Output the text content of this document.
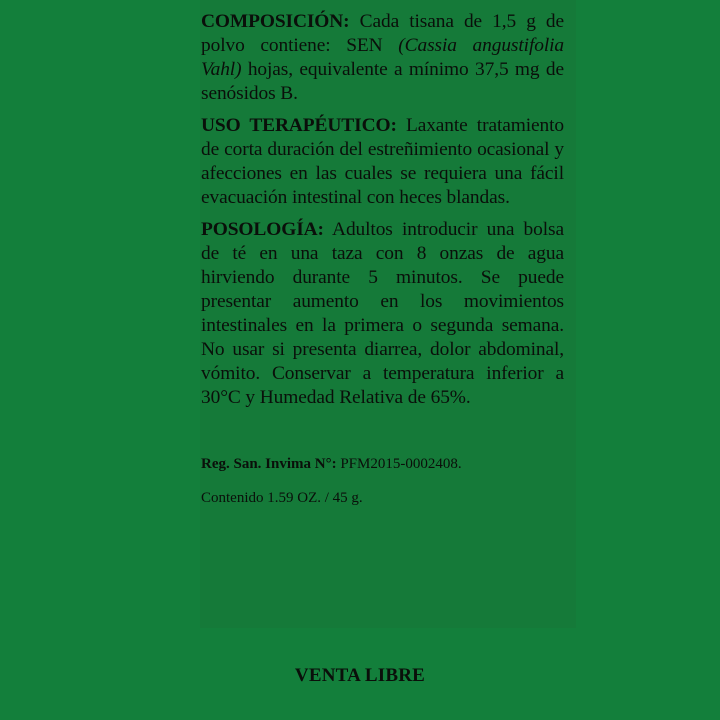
COMPOSICIÓN: Cada tisana de 1,5 g de polvo contiene: SEN (Cassia angustifolia Vahl) hojas, equivalente a mínimo 37,5 mg de senósidos B.

USO TERAPÉUTICO: Laxante tratamiento de corta duración del estreñimiento ocasional y afecciones en las cuales se requiera una fácil evacuación intestinal con heces blandas.

POSOLOGÍA: Adultos introducir una bolsa de té en una taza con 8 onzas de agua hirviendo durante 5 minutos. Se puede presentar aumento en los movimientos intestinales en la primera o segunda semana. No usar si presenta diarrea, dolor abdominal, vómito. Conservar a temperatura inferior a 30°C y Humedad Relativa de 65%.

Reg. San. Invima N°: PFM2015-0002408.

Contenido 1.59 OZ. / 45 g.

VENTA LIBRE
